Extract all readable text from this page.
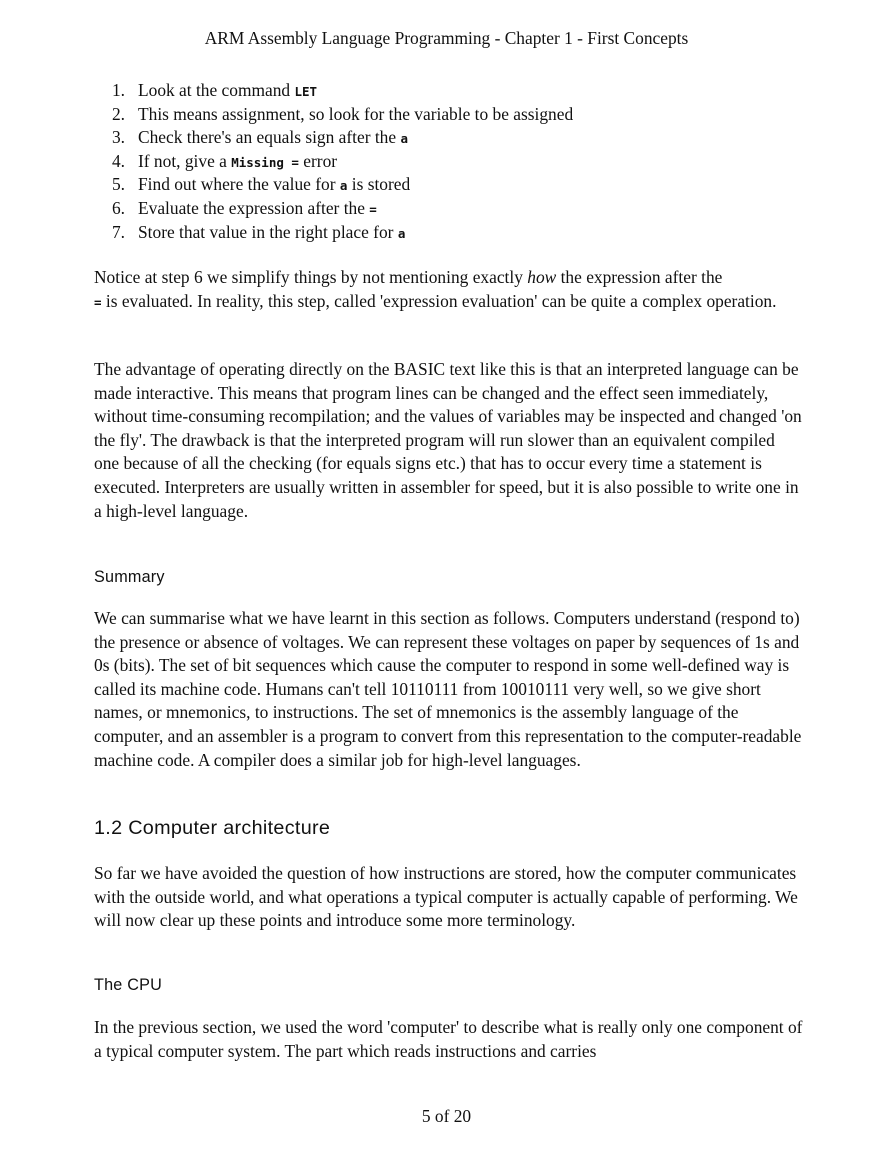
ARM Assembly Language Programming - Chapter 1 - First Concepts
1. Look at the command LET
2. This means assignment, so look for the variable to be assigned
3. Check there's an equals sign after the a
4. If not, give a Missing = error
5. Find out where the value for a is stored
6. Evaluate the expression after the =
7. Store that value in the right place for a

Notice at step 6 we simplify things by not mentioning exactly how the expression after the
= is evaluated. In reality, this step, called 'expression evaluation' can be quite a complex operation.

The advantage of operating directly on the BASIC text like this is that an interpreted language can be made interactive. This means that program lines can be changed and the effect seen immediately, without time-consuming recompilation; and the values of variables may be inspected and changed 'on the fly'. The drawback is that the interpreted program will run slower than an equivalent compiled one because of all the checking (for equals signs etc.) that has to occur every time a statement is executed. Interpreters are usually written in assembler for speed, but it is also possible to write one in a high-level language.

Summary

We can summarise what we have learnt in this section as follows. Computers understand (respond to) the presence or absence of voltages. We can represent these voltages on paper by sequences of 1s and 0s (bits). The set of bit sequences which cause the computer to respond in some well-defined way is called its machine code. Humans can't tell 10110111 from 10010111 very well, so we give short names, or mnemonics, to instructions. The set of mnemonics is the assembly language of the computer, and an assembler is a program to convert from this representation to the computer-readable machine code. A compiler does a similar job for high-level languages.

1.2 Computer architecture

So far we have avoided the question of how instructions are stored, how the computer communicates with the outside world, and what operations a typical computer is actually capable of performing. We will now clear up these points and introduce some more terminology.

The CPU

In the previous section, we used the word 'computer' to describe what is really only one component of a typical computer system. The part which reads instructions and carries

5 of 20
